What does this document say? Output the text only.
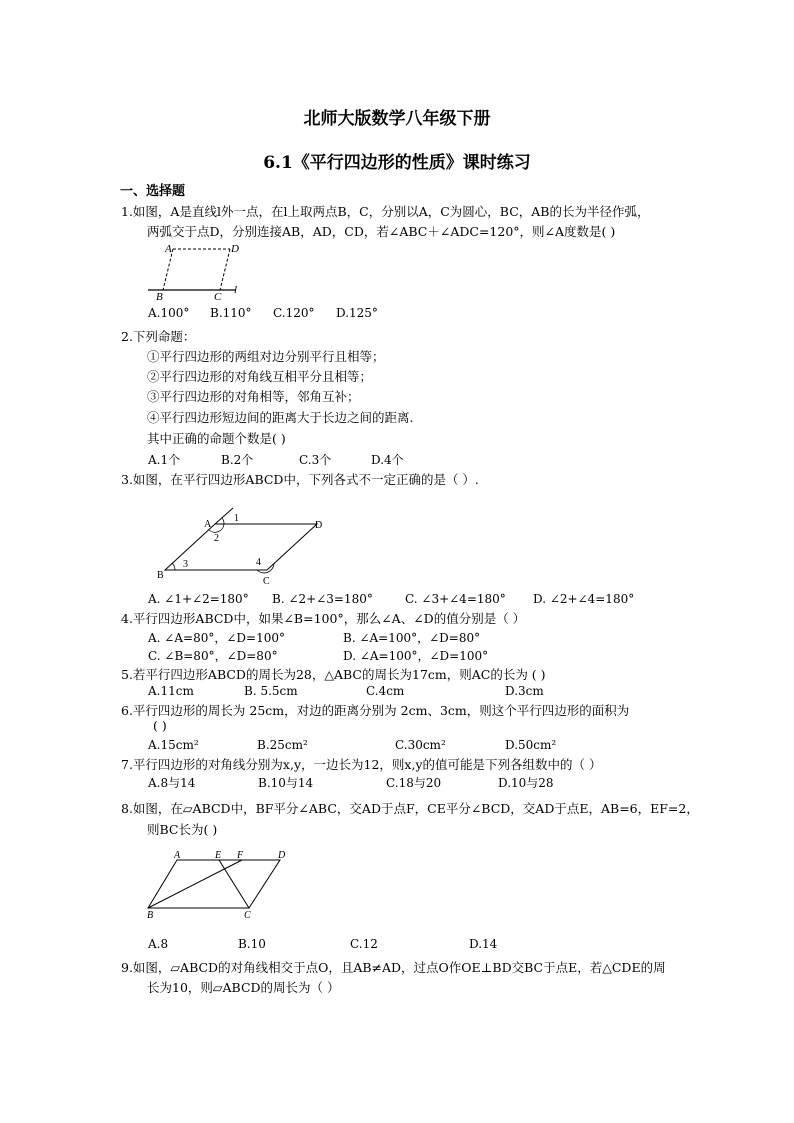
北师大版数学八年级下册
6.1《平行四边形的性质》课时练习
一、选择题
1.如图，A是直线l外一点，在l上取两点B，C，分别以A，C为圆心，BC，AB的长为半径作弧，
两弧交于点D，分别连接AB，AD，CD，若∠ABC＋∠ADC=120°，则∠A度数是( )
A	D
B	C
l
A.100° B.110° C.120° D.125°
2.下列命题：
①平行四边形的两组对边分别平行且相等；
②平行四边形的对角线互相平分且相等；
③平行四边形的对角相等，邻角互补；
④平行四边形短边间的距离大于长边之间的距离.
其中正确的命题个数是( )
A.1个	B.2个	C.3个	D.4个
3.如图，在平行四边形ABCD中，下列各式不一定正确的是（ ）.
A	D
B
C
1
2
3	4
A. ∠1+∠2=180° B. ∠2+∠3=180°	C. ∠3+∠4=180° D. ∠2+∠4=180°
4.平行四边形ABCD中，如果∠B=100°，那么∠A、∠D的值分别是（ ）
A. ∠A=80°，∠D=100°	B. ∠A=100°，∠D=80°
C. ∠B=80°，∠D=80°	D. ∠A=100°，∠D=100°
5.若平行四边形ABCD的周长为28，△ABC的周长为17cm，则AC的长为 ( )
A.11cm	B. 5.5cm	C.4cm	D.3cm
6.平行四边形的周长为 25cm，对边的距离分别为 2cm、3cm，则这个平行四边形的面积为
( )
A.15cm²	B.25cm²	C.30cm²	D.50cm²
7.平行四边形的对角线分别为x,y，一边长为12，则x,y的值可能是下列各组数中的（ ）
A.8与14	B.10与14	C.18与20	D.10与28
8.如图，在▱ABCD中，BF平分∠ABC，交AD于点F，CE平分∠BCD，交AD于点E，AB=6，EF=2，
则BC长为( )
A	E F	D
B	C
A.8	B.10	C.12	D.14
9.如图，▱ABCD的对角线相交于点O，且AB≠AD，过点O作OE⊥BD交BC于点E，若△CDE的周
长为10，则▱ABCD的周长为（ ）
